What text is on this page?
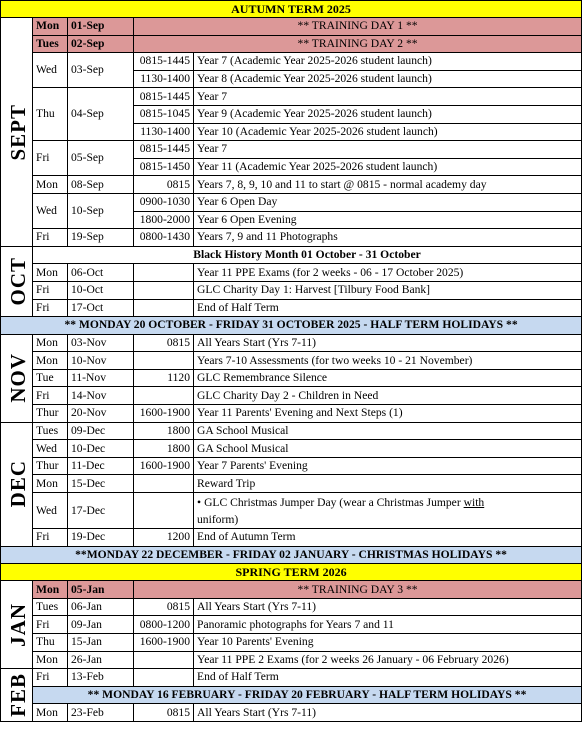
AUTUMN TERM 2025				

SEPT	Mon	01-Sep	** TRAINING DAY 1 **	
	Tues	02-Sep	** TRAINING DAY 2 **	
	Wed	03-Sep	0815-1445	Year 7 (Academic Year 2025-2026 student launch)
			1130-1400	Year 8 (Academic Year 2025-2026 student launch)
	Thu	04-Sep	0815-1445	Year 7
			0815-1045	Year 9 (Academic Year 2025-2026 student launch)
			1130-1400	Year 10 (Academic Year 2025-2026 student launch)
	Fri	05-Sep	0815-1445	Year 7
			0815-1450	Year 11 (Academic Year 2025-2026 student launch)
	Mon	08-Sep	0815	Years 7, 8, 9, 10 and 11 to start @ 0815 - normal academy day
	Wed	10-Sep	0900-1030	Year 6 Open Day
			1800-2000	Year 6 Open Evening
	Fri	19-Sep	0800-1430	Years 7, 9 and 11 Photographs

OCT	Black History Month 01 October - 31 October			
	Mon	06-Oct		Year 11 PPE Exams (for 2 weeks - 06 - 17 October 2025)
	Fri	10-Oct		GLC Charity Day 1: Harvest [Tilbury Food Bank]
	Fri	17-Oct		End of Half Term
** MONDAY 20 OCTOBER - FRIDAY 31 OCTOBER 2025 - HALF TERM HOLIDAYS **				

NOV	Mon	03-Nov	0815	All Years Start (Yrs 7-11)
	Mon	10-Nov		Years 7-10 Assessments (for two weeks 10 - 21 November)
	Tue	11-Nov	1120	GLC Remembrance Silence
	Fri	14-Nov		GLC Charity Day 2 - Children in Need
	Thur	20-Nov	1600-1900	Year 11 Parents' Evening and Next Steps (1)

DEC	Tues	09-Dec	1800	GA School Musical
	Wed	10-Dec	1800	GA School Musical
	Thur	11-Dec	1600-1900	Year 7 Parents' Evening
	Mon	15-Dec		Reward Trip
	Wed	17-Dec		• GLC Christmas Jumper Day (wear a Christmas Jumper with
uniform)
	Fri	19-Dec	1200	End of Autumn Term
**MONDAY 22 DECEMBER - FRIDAY 02 JANUARY - CHRISTMAS HOLIDAYS **				
SPRING TERM 2026				

JAN	Mon	05-Jan	** TRAINING DAY 3 **	
	Tues	06-Jan	0815	All Years Start (Yrs 7-11)
	Fri	09-Jan	0800-1200	Panoramic photographs for Years 7 and 11
	Thu	15-Jan	1600-1900	Year 10 Parents' Evening
	Mon	26-Jan		Year 11 PPE 2 Exams (for 2 weeks 26 January - 06 February 2026)

FEB	Fri	13-Feb		End of Half Term
	** MONDAY 16 FEBRUARY - FRIDAY 20 FEBRUARY - HALF TERM HOLIDAYS **			
	Mon	23-Feb	0815	All Years Start (Yrs 7-11)
